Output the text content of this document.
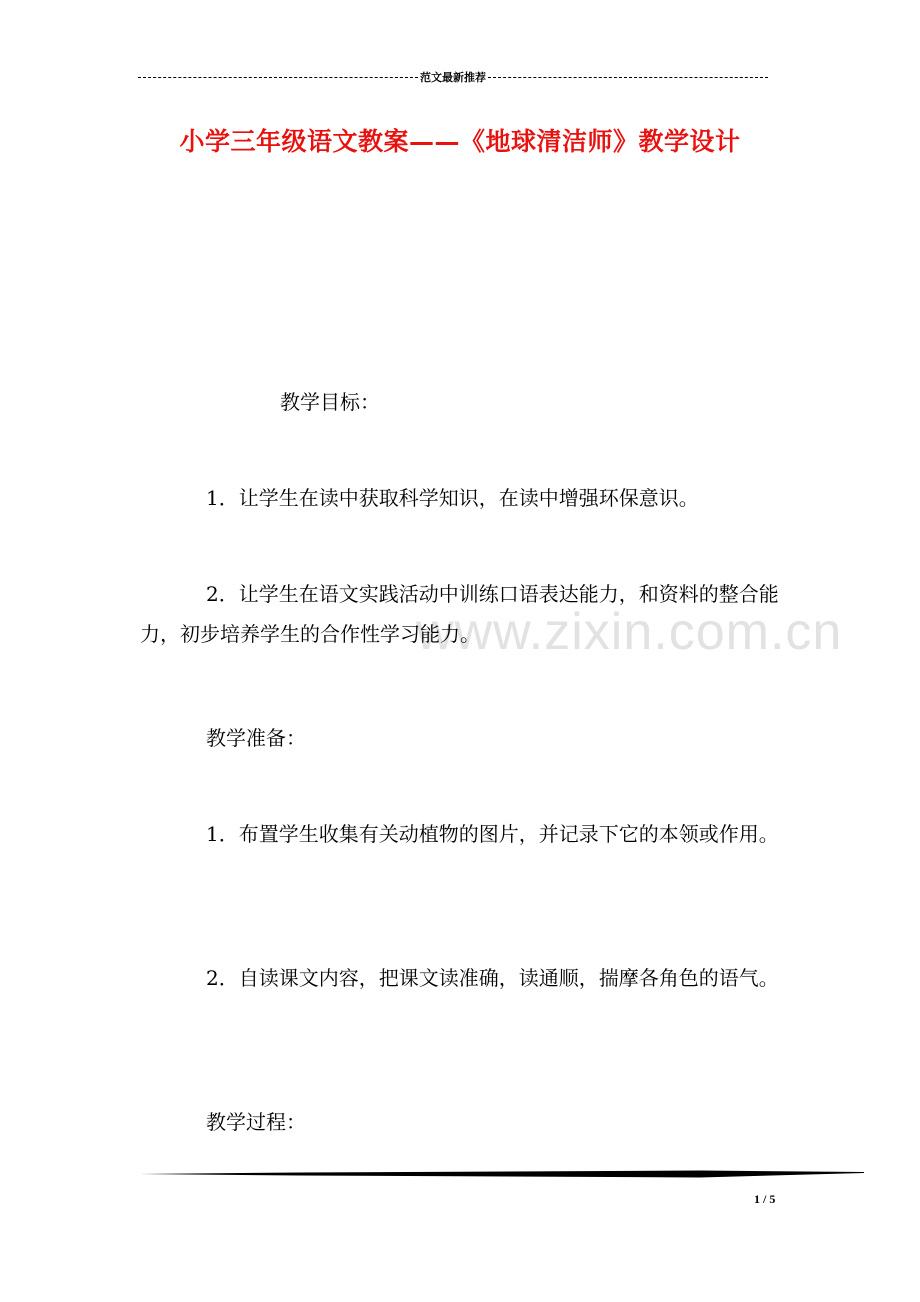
范文最新推荐
小学三年级语文教案——《地球清洁师》教学设计
www.zixin.com.cn
教学目标：
1．让学生在读中获取科学知识，在读中增强环保意识。
2．让学生在语文实践活动中训练口语表达能力，和资料的整合能力，初步培养学生的合作性学习能力。
教学准备：
1．布置学生收集有关动植物的图片，并记录下它的本领或作用。
2．自读课文内容，把课文读准确，读通顺，揣摩各角色的语气。
教学过程：
1 / 5
